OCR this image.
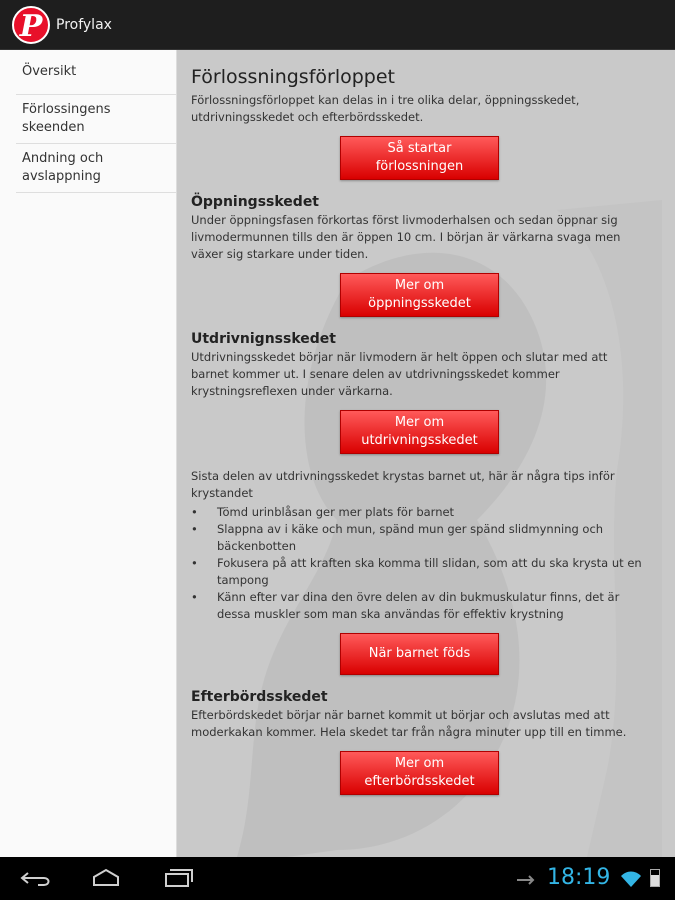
P Profylax
Översikt
Förlossingens skeenden
Andning och avslappning
Förlossningsförloppet

Förlossningsförloppet kan delas in i tre olika delar, öppningsskedet, utdrivningsskedet och efterbördsskedet.

Så startar förlossningen
Öppningsskedet

Under öppningsfasen förkortas först livmoderhalsen och sedan öppnar sig livmodermunnen tills den är öppen 10 cm. I början är värkarna svaga men växer sig starkare under tiden.

Mer om öppningsskedet
Utdrivnignsskedet

Utdrivningsskedet börjar när livmodern är helt öppen och slutar med att barnet kommer ut. I senare delen av utdrivningsskedet kommer krystningsreflexen under värkarna.

Mer om utdrivningsskedet

Sista delen av utdrivningsskedet krystas barnet ut, här är några tips inför krystandet

• Tömd urinblåsan ger mer plats för barnet
• Slappna av i käke och mun, spänd mun ger spänd slidmynning och bäckenbotten
• Fokusera på att kraften ska komma till slidan, som att du ska krysta ut en tampong
• Känn efter var dina den övre delen av din bukmuskulatur finns, det är dessa muskler som man ska användas för effektiv krystning
När barnet föds
Efterbördsskedet

Efterbördskedet börjar när barnet kommit ut börjar och avslutas med att moderkakan kommer. Hela skedet tar från några minuter upp till en timme.

Mer om efterbördsskedet
18:19
